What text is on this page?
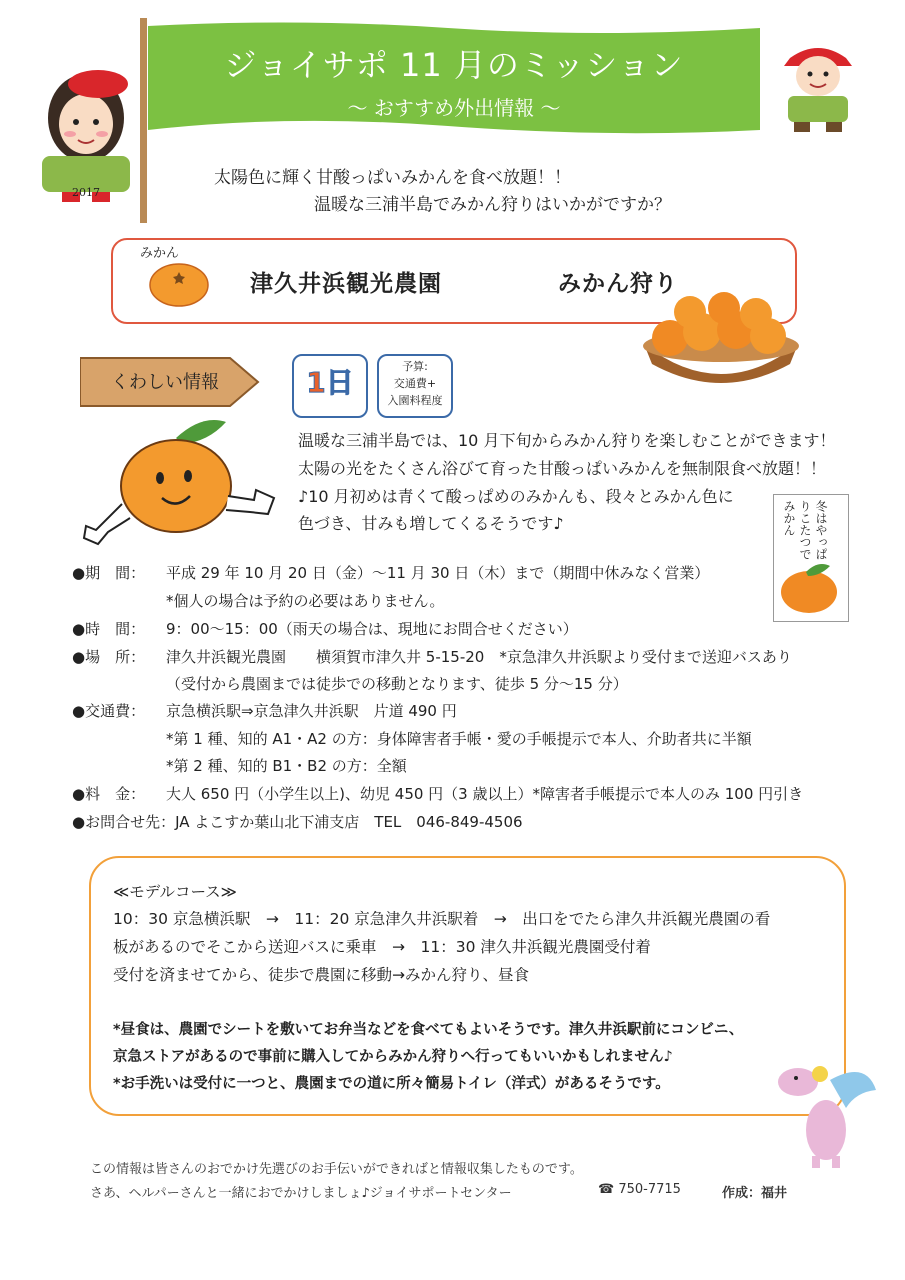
ジョイサポ 11 月のミッション
～ おすすめ外出情報 ～
2017
太陽色に輝く甘酸っぱいみかんを食べ放題！！
温暖な三浦半島でみかん狩りはいかがですか？
みかん
津久井浜観光農園	みかん狩り
くわしい情報	1日	予算:
交通費+
入園料程度
温暖な三浦半島では、10 月下旬からみかん狩りを楽しむことができます！
太陽の光をたくさん浴びて育った甘酸っぱいみかんを無制限食べ放題！！
♪10 月初めは青くて酸っぱめのみかんも、段々とみかん色に
色づき、甘みも増してくるそうです♪	冬はやっぱりこたつでみかん
●期　間： 平成 29 年 10 月 20 日（金）～11 月 30 日（木）まで（期間中休みなく営業）
*個人の場合は予約の必要はありません。
●時　間： 9：00～15：00（雨天の場合は、現地にお問合せください）
●場　所： 津久井浜観光農園　　横須賀市津久井 5-15-20　*京急津久井浜駅より受付まで送迎バスあり
（受付から農園までは徒歩での移動となります、徒歩 5 分～15 分）
●交通費： 京急横浜駅⇒京急津久井浜駅　片道 490 円
*第 1 種、知的 A1・A2 の方：身体障害者手帳・愛の手帳提示で本人、介助者共に半額
*第 2 種、知的 B1・B2 の方：全額
●料　金： 大人 650 円（小学生以上)、幼児 450 円（3 歳以上）*障害者手帳提示で本人のみ 100 円引き
●お問合せ先：JA よこすか葉山北下浦支店　TEL　046-849-4506
≪モデルコース≫
10：30 京急横浜駅　→　11：20 京急津久井浜駅着　→　出口をでたら津久井浜観光農園の看
板があるのでそこから送迎バスに乗車　→　11：30 津久井浜観光農園受付着
受付を済ませてから、徒歩で農園に移動→みかん狩り、昼食
*昼食は、農園でシートを敷いてお弁当などを食べてもよいそうです。津久井浜駅前にコンビニ、
京急ストアがあるので事前に購入してからみかん狩りへ行ってもいいかもしれません♪
*お手洗いは受付に一つと、農園までの道に所々簡易トイレ（洋式）があるそうです。
この情報は皆さんのおでかけ先選びのお手伝いができればと情報収集したものです。
さあ、ヘルパーさんと一緒におでかけしましょ♪ジョイサポートセンター	☎ 750-7715	作成：福井
